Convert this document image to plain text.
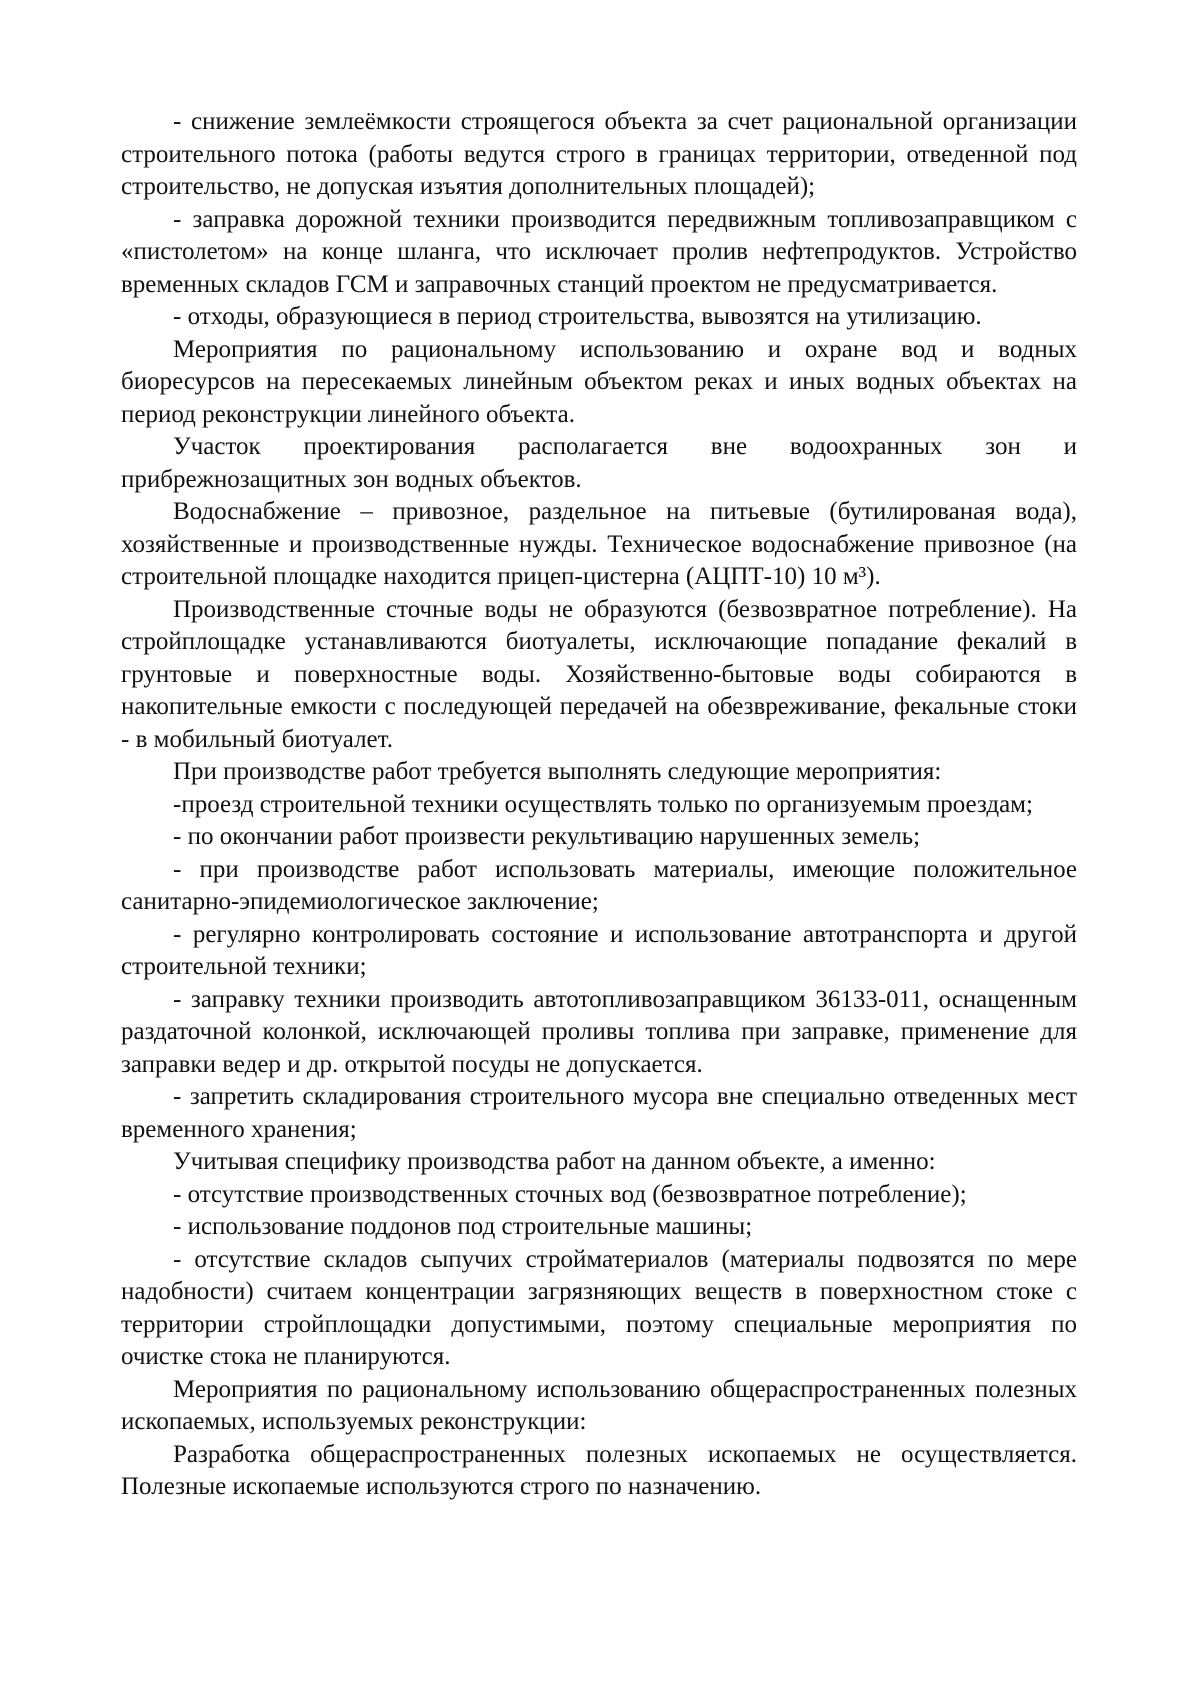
- снижение землеёмкости строящегося объекта за счет рациональной организации строительного потока (работы ведутся строго в границах территории, отведенной под строительство, не допуская изъятия дополнительных площадей);

- заправка дорожной техники производится передвижным топливозаправщиком с «пистолетом» на конце шланга, что исключает пролив нефтепродуктов. Устройство временных складов ГСМ и заправочных станций проектом не предусматривается.

- отходы, образующиеся в период строительства, вывозятся на утилизацию.

Мероприятия по рациональному использованию и охране вод и водных биоресурсов на пересекаемых линейным объектом реках и иных водных объектах на период реконструкции линейного объекта.

Участок проектирования располагается вне водоохранных зон и прибрежнозащитных зон водных объектов.

Водоснабжение – привозное, раздельное на питьевые (бутилированая вода), хозяйственные и производственные нужды. Техническое водоснабжение привозное (на строительной площадке находится прицеп-цистерна (АЦПТ-10) 10 м³).

Производственные сточные воды не образуются (безвозвратное потребление). На стройплощадке устанавливаются биотуалеты, исключающие попадание фекалий в грунтовые и поверхностные воды. Хозяйственно-бытовые воды собираются в накопительные емкости с последующей передачей на обезвреживание, фекальные стоки - в мобильный биотуалет.

При производстве работ требуется выполнять следующие мероприятия:

-проезд строительной техники осуществлять только по организуемым проездам;

- по окончании работ произвести рекультивацию нарушенных земель;

- при производстве работ использовать материалы, имеющие положительное санитарно-эпидемиологическое заключение;

- регулярно контролировать состояние и использование автотранспорта и другой строительной техники;

- заправку техники производить автотопливозаправщиком 36133-011, оснащенным раздаточной колонкой, исключающей проливы топлива при заправке, применение для заправки ведер и др. открытой посуды не допускается.

- запретить складирования строительного мусора вне специально отведенных мест временного хранения;

Учитывая специфику производства работ на данном объекте, а именно:

- отсутствие производственных сточных вод (безвозвратное потребление);

- использование поддонов под строительные машины;

- отсутствие складов сыпучих стройматериалов (материалы подвозятся по мере надобности) считаем концентрации загрязняющих веществ в поверхностном стоке с территории стройплощадки допустимыми, поэтому специальные мероприятия по очистке стока не планируются.

Мероприятия по рациональному использованию общераспространенных полезных ископаемых, используемых реконструкции:

Разработка общераспространенных полезных ископаемых не осуществляется. Полезные ископаемые используются строго по назначению.
